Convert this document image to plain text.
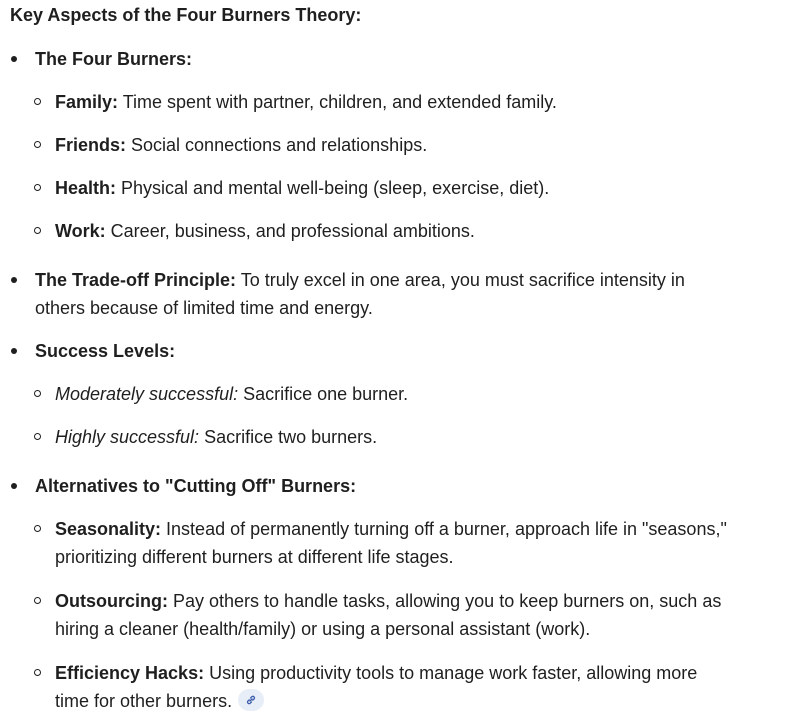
Key Aspects of the Four Burners Theory:
The Four Burners:
Family: Time spent with partner, children, and extended family.
Friends: Social connections and relationships.
Health: Physical and mental well-being (sleep, exercise, diet).
Work: Career, business, and professional ambitions.
The Trade-off Principle: To truly excel in one area, you must sacrifice intensity in
others because of limited time and energy.
Success Levels:
Moderately successful: Sacrifice one burner.
Highly successful: Sacrifice two burners.
Alternatives to "Cutting Off" Burners:
Seasonality: Instead of permanently turning off a burner, approach life in "seasons,"
prioritizing different burners at different life stages.
Outsourcing: Pay others to handle tasks, allowing you to keep burners on, such as
hiring a cleaner (health/family) or using a personal assistant (work).
Efficiency Hacks: Using productivity tools to manage work faster, allowing more
time for other burners.
